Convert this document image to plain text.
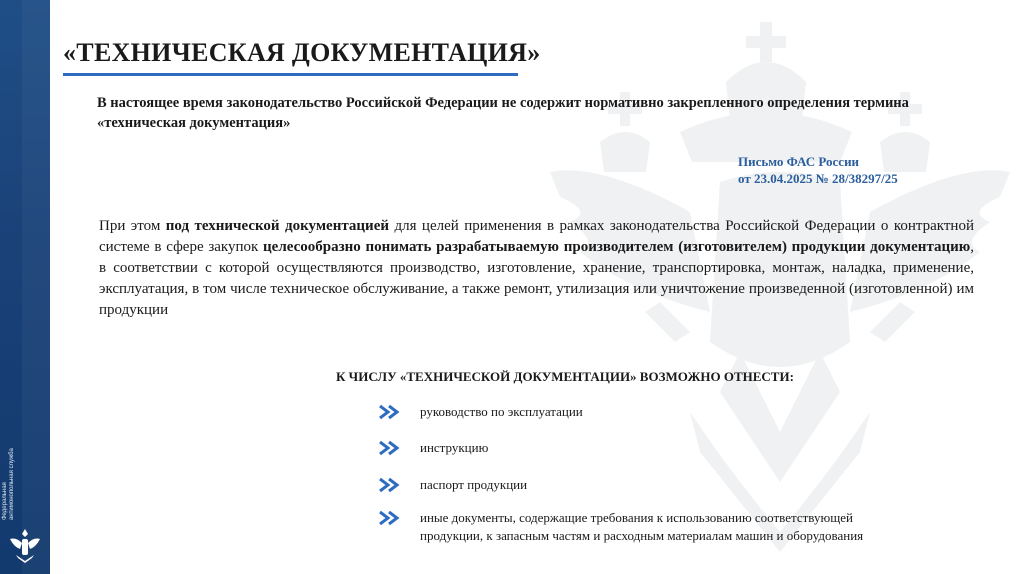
Федеральная антимонопольная служба
«ТЕХНИЧЕСКАЯ ДОКУМЕНТАЦИЯ»
В настоящее время законодательство Российской Федерации не содержит нормативно закрепленного определения термина «техническая документация»
Письмо ФАС России
от 23.04.2025 № 28/38297/25
При этом под технической документацией для целей применения в рамках законодательства Российской Федерации о контрактной системе в сфере закупок целесообразно понимать разрабатываемую производителем (изготовителем) продукции документацию, в соответствии с которой осуществляются производство, изготовление, хранение, транспортировка, монтаж, наладка, применение, эксплуатация, в том числе техническое обслуживание, а также ремонт, утилизация или уничтожение произведенной (изготовленной) им продукции
К ЧИСЛУ «ТЕХНИЧЕСКОЙ ДОКУМЕНТАЦИИ» ВОЗМОЖНО ОТНЕСТИ:
руководство по эксплуатации
инструкцию
паспорт продукции
иные документы, содержащие требования к использованию соответствующей
продукции, к запасным частям и расходным материалам машин и оборудования
